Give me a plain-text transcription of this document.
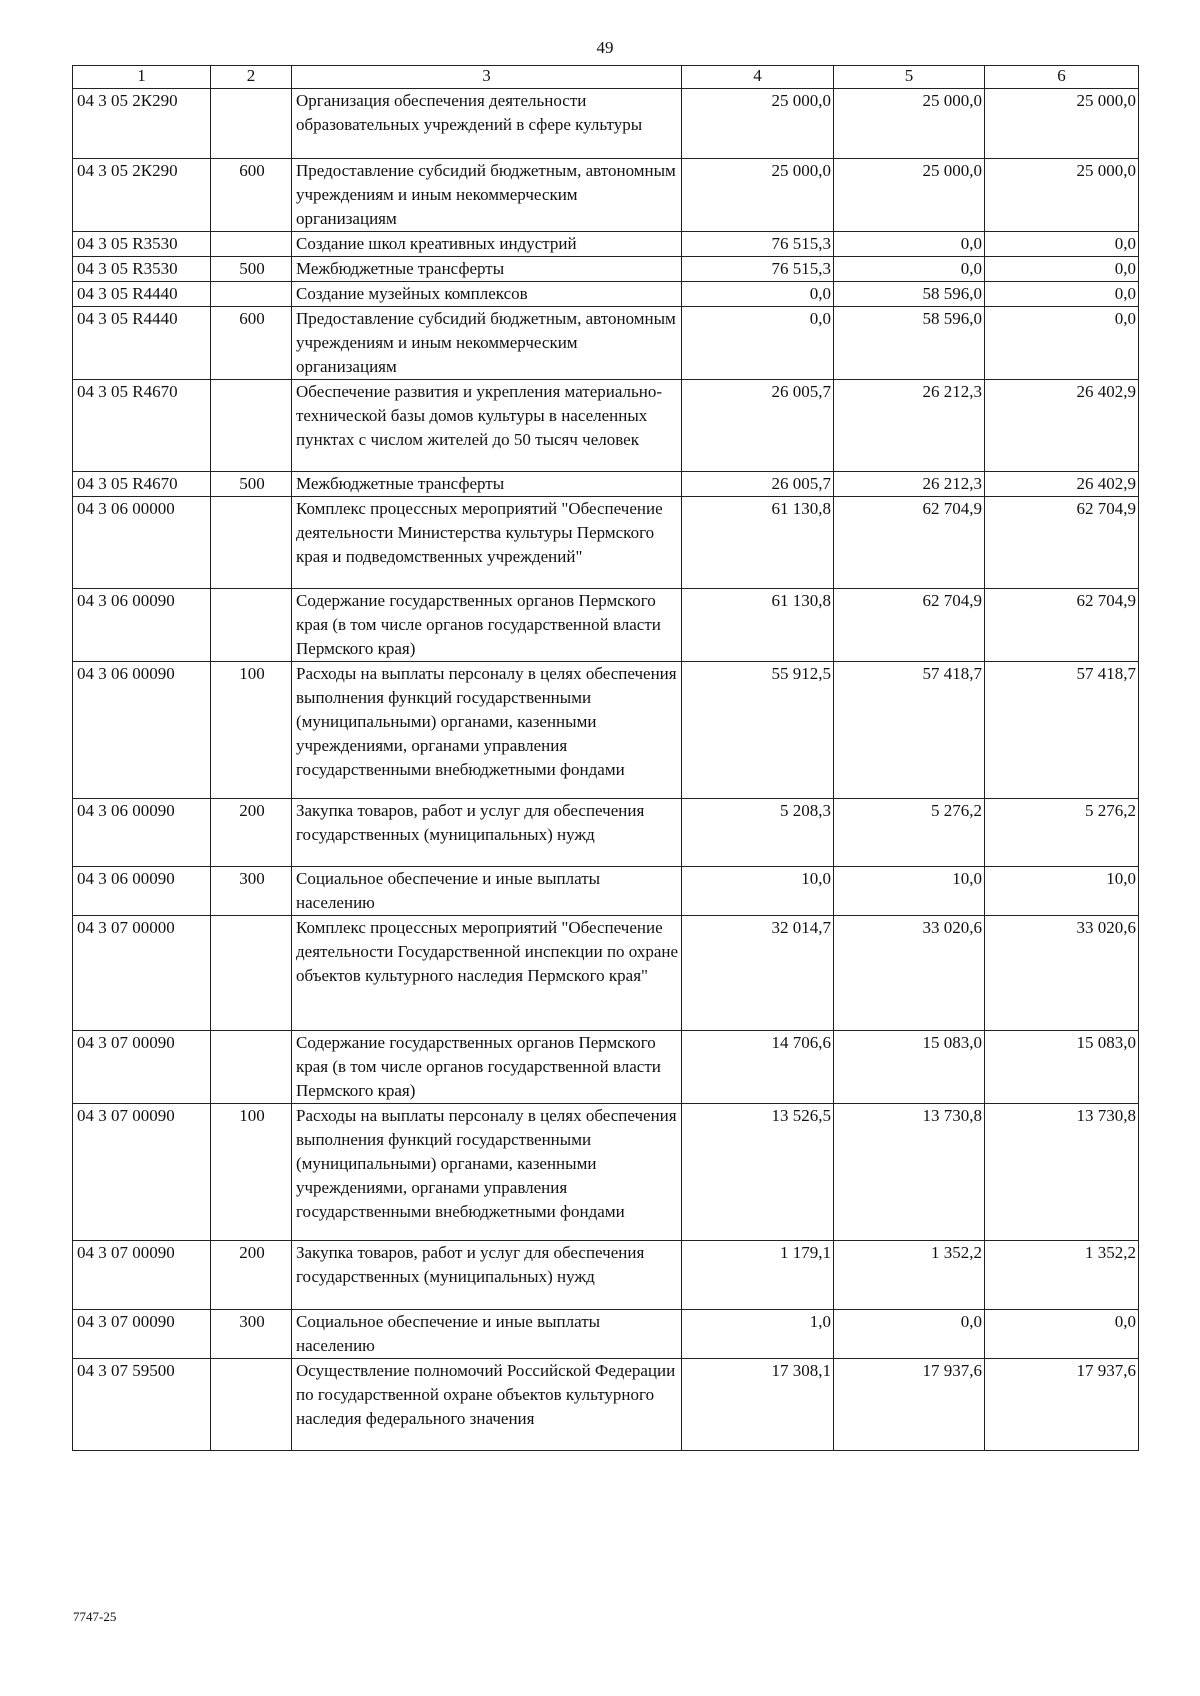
49
1	2	3	4	5	6
04 3 05 2К290		Организация обеспечения деятельности образовательных учреждений в сфере культуры	25 000,0	25 000,0	25 000,0
04 3 05 2К290	600	Предоставление субсидий бюджетным, автономным учреждениям и иным некоммерческим организациям	25 000,0	25 000,0	25 000,0
04 3 05 R3530		Создание школ креативных индустрий	76 515,3	0,0	0,0
04 3 05 R3530	500	Межбюджетные трансферты	76 515,3	0,0	0,0
04 3 05 R4440		Создание музейных комплексов	0,0	58 596,0	0,0
04 3 05 R4440	600	Предоставление субсидий бюджетным, автономным учреждениям и иным некоммерческим организациям	0,0	58 596,0	0,0
04 3 05 R4670		Обеспечение развития и укрепления материально-технической базы домов культуры в населенных пунктах с числом жителей до 50 тысяч человек	26 005,7	26 212,3	26 402,9
04 3 05 R4670	500	Межбюджетные трансферты	26 005,7	26 212,3	26 402,9
04 3 06 00000		Комплекс процессных мероприятий "Обеспечение деятельности Министерства культуры Пермского края и подведомственных учреждений"	61 130,8	62 704,9	62 704,9
04 3 06 00090		Содержание государственных органов Пермского края (в том числе органов государственной власти Пермского края)	61 130,8	62 704,9	62 704,9
04 3 06 00090	100	Расходы на выплаты персоналу в целях обеспечения выполнения функций государственными (муниципальными) органами, казенными учреждениями, органами управления государственными внебюджетными фондами	55 912,5	57 418,7	57 418,7
04 3 06 00090	200	Закупка товаров, работ и услуг для обеспечения государственных (муниципальных) нужд	5 208,3	5 276,2	5 276,2
04 3 06 00090	300	Социальное обеспечение и иные выплаты населению	10,0	10,0	10,0
04 3 07 00000		Комплекс процессных мероприятий "Обеспечение деятельности Государственной инспекции по охране объектов культурного наследия Пермского края"	32 014,7	33 020,6	33 020,6
04 3 07 00090		Содержание государственных органов Пермского края (в том числе органов государственной власти Пермского края)	14 706,6	15 083,0	15 083,0
04 3 07 00090	100	Расходы на выплаты персоналу в целях обеспечения выполнения функций государственными (муниципальными) органами, казенными учреждениями, органами управления государственными внебюджетными фондами	13 526,5	13 730,8	13 730,8
04 3 07 00090	200	Закупка товаров, работ и услуг для обеспечения государственных (муниципальных) нужд	1 179,1	1 352,2	1 352,2
04 3 07 00090	300	Социальное обеспечение и иные выплаты населению	1,0	0,0	0,0
04 3 07 59500		Осуществление полномочий Российской Федерации по государственной охране объектов культурного наследия федерального значения	17 308,1	17 937,6	17 937,6
7747-25
